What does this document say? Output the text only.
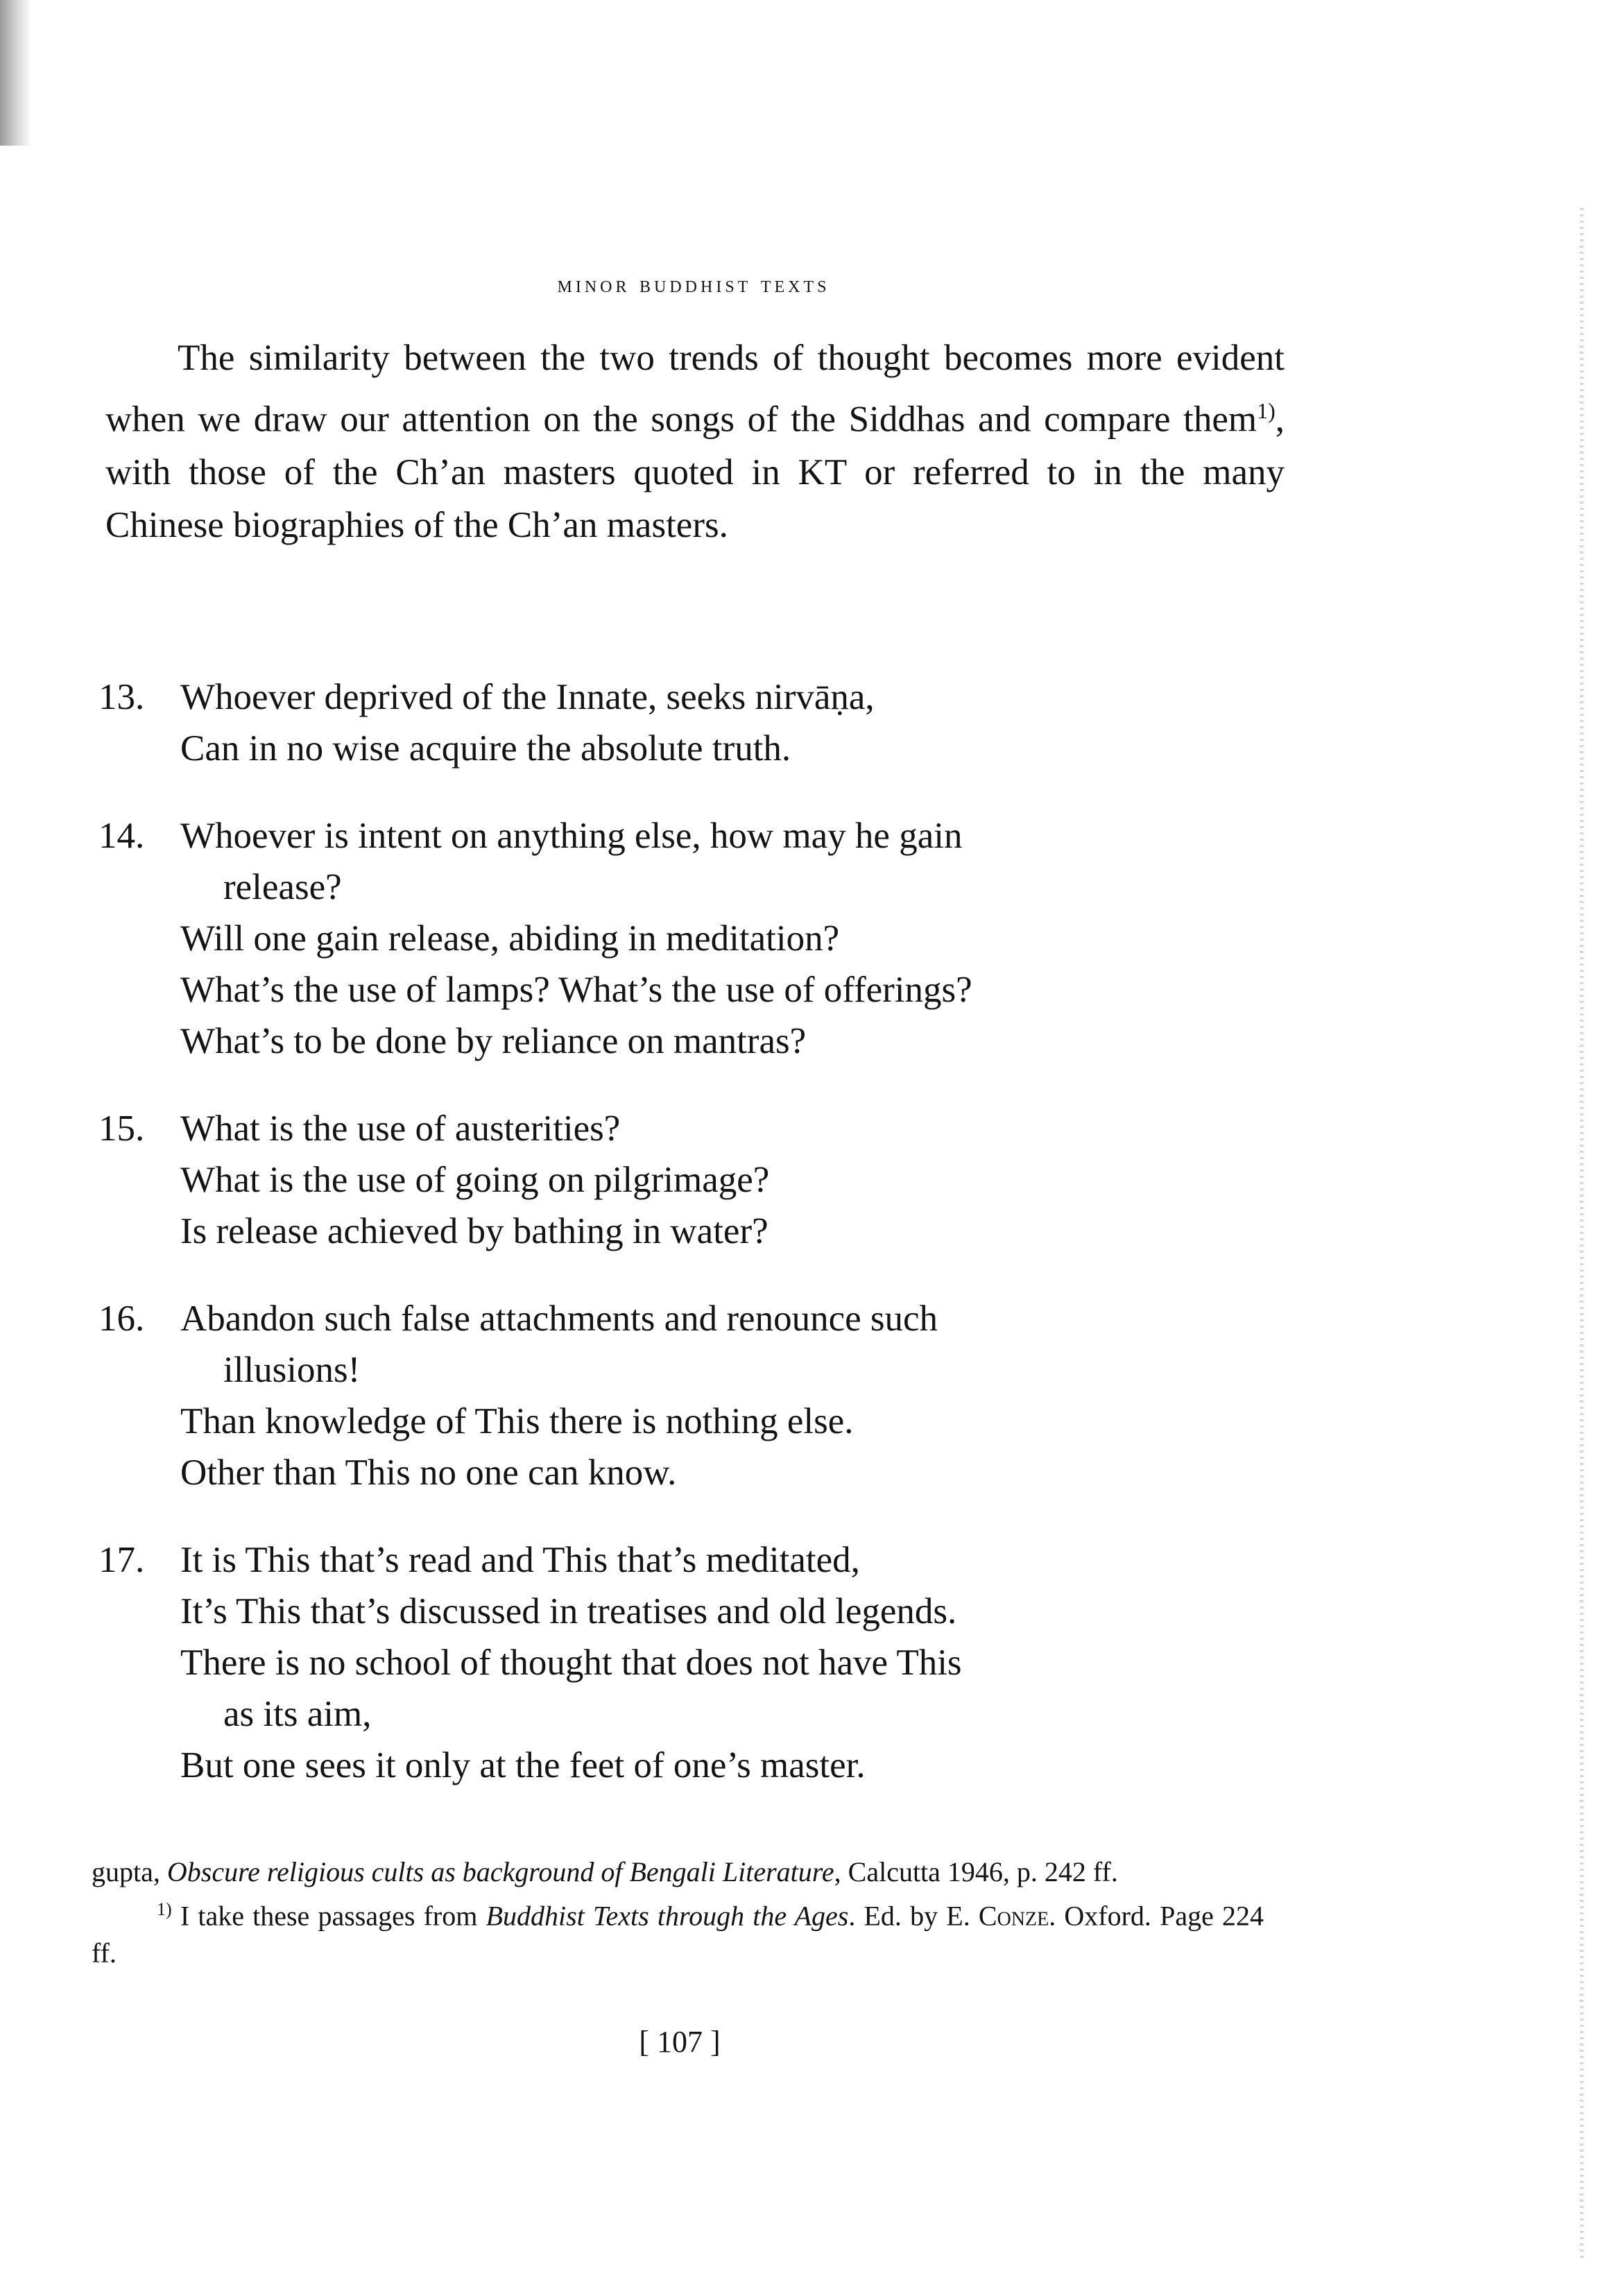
minor buddhist texts

The similarity between the two trends of thought becomes more evident when we draw our attention on the songs of the Siddhas and compare them$^{1)}$, with those of the Ch’an masters quoted in KT or referred to in the many Chinese biographies of the Ch’an masters.

13. Whoever deprived of the Innate, seeks nirvāṇa,
Can in no wise acquire the absolute truth.
14. Whoever is intent on anything else, how may he gain
release?
Will one gain release, abiding in meditation?
What’s the use of lamps? What’s the use of offerings?
What’s to be done by reliance on mantras?
15. What is the use of austerities?
What is the use of going on pilgrimage?
Is release achieved by bathing in water?
16. Abandon such false attachments and renounce such
illusions!
Than knowledge of This there is nothing else.
Other than This no one can know.
17. It is This that’s read and This that’s meditated,
It’s This that’s discussed in treatises and old legends.
There is no school of thought that does not have This
as its aim,
But one sees it only at the feet of one’s master.

gupta, Obscure religious cults as background of Bengali Literature, Calcutta 1946, p. 242 ff.

$^{1)}$ I take these passages from Buddhist Texts through the Ages. Ed. by E. Conze. Oxford. Page 224 ff.

[ 107 ]
